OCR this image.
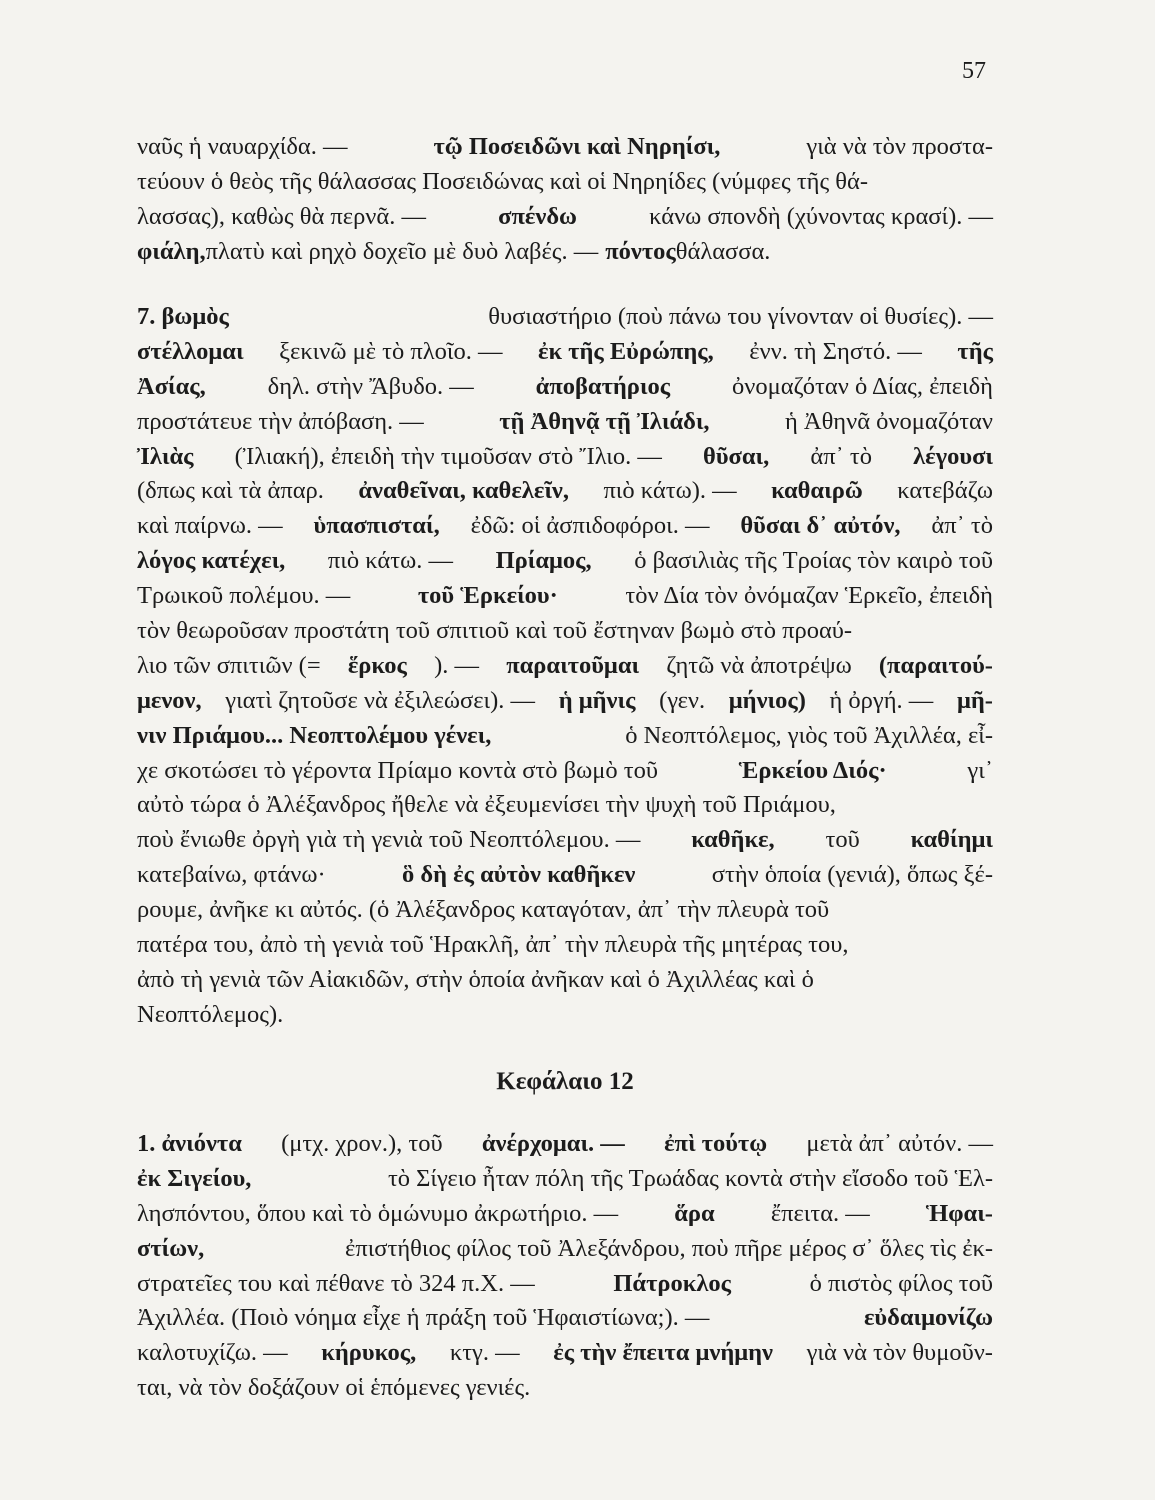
57
ναῦς ἡ ναυαρχίδα. —	τῷ Ποσειδῶνι καὶ Νηρηίσι,	γιὰ νὰ τὸν προστα-
τεύουν ὁ θεὸς τῆς θάλασσας Ποσειδώνας καὶ οἱ Νηρηίδες (νύμφες τῆς θά-
λασσας), καθὼς θὰ περνᾶ. —	σπένδω	κάνω σπονδὴ (χύνοντας κρασί). —
φιάλη,πλατὺ καὶ ρηχὸ δοχεῖο μὲ δυὸ λαβές. — πόντοςθάλασσα.
7. βωμὸς	θυσιαστήριο (ποὺ πάνω του γίνονταν οἱ θυσίες). —
στέλλομαι ξεκινῶ μὲ τὸ πλοῖο. — ἐκ τῆς Εὐρώπης, ἐνν. τὴ Σηστό. — τῆς
Ἀσίας,	δηλ. στὴν Ἄβυδο. —	ἀποβατήριος	ὀνομαζόταν ὁ Δίας, ἐπειδὴ
προστάτευε τὴν ἀπόβαση. —	τῇ Ἀθηνᾷ τῇ Ἰλιάδι,	ἡ Ἀθηνᾶ ὀνομαζόταν
Ἰλιὰς (Ἰλιακή), ἐπειδὴ τὴν τιμοῦσαν στὸ Ἴλιο. — θῦσαι, ἀπ᾽ τὸ λέγουσι
(δπως καὶ τὰ ἀπαρ. ἀναθεῖναι, καθελεῖν, πιὸ κάτω). — καθαιρῶ κατεβάζω
καὶ παίρνω. — ὑπασπισταί, ἐδῶ: οἱ ἀσπιδοφόροι. — θῦσαι δ᾽ αὐτόν, ἀπ᾽ τὸ
λόγος κατέχει, πιὸ κάτω. — Πρίαμος, ὁ βασιλιὰς τῆς Τροίας τὸν καιρὸ τοῦ
Τρωικοῦ πολέμου. —	τοῦ Ἑρκείου·	τὸν Δία τὸν ὀνόμαζαν Ἑρκεῖο, ἐπειδὴ
τὸν θεωροῦσαν προστάτη τοῦ σπιτιοῦ καὶ τοῦ ἔστηναν βωμὸ στὸ προαύ-
λιο τῶν σπιτιῶν (= ἕρκος ). — παραιτοῦμαι ζητῶ νὰ ἀποτρέψω (παραιτού-
μενον, γιατὶ ζητοῦσε νὰ ἐξιλεώσει). — ἡ μῆνις (γεν. μήνιος) ἡ ὀργή. — μῆ-
νιν Πριάμου... Νεοπτολέμου γένει,	ὁ Νεοπτόλεμος, γιὸς τοῦ Ἀχιλλέα, εἶ-
χε σκοτώσει τὸ γέροντα Πρίαμο κοντὰ στὸ βωμὸ τοῦ	Ἑρκείου Διός·	γι᾽
αὐτὸ τώρα ὁ Ἀλέξανδρος ἤθελε νὰ ἐξευμενίσει τὴν ψυχὴ τοῦ Πριάμου,
ποὺ ἔνιωθε ὀργὴ γιὰ τὴ γενιὰ τοῦ Νεοπτόλεμου. — καθῆκε, τοῦ καθίημι
κατεβαίνω, φτάνω·	ὃ δὴ ἐς αὐτὸν καθῆκεν	στὴν ὁποία (γενιά), ὅπως ξέ-
ρουμε, ἀνῆκε κι αὐτός. (ὁ Ἀλέξανδρος καταγόταν, ἀπ᾽ τὴν πλευρὰ τοῦ
πατέρα του, ἀπὸ τὴ γενιὰ τοῦ Ἡρακλῆ, ἀπ᾽ τὴν πλευρὰ τῆς μητέρας του,
ἀπὸ τὴ γενιὰ τῶν Αἰακιδῶν, στὴν ὁποία ἀνῆκαν καὶ ὁ Ἀχιλλέας καὶ ὁ
Νεοπτόλεμος).
Κεφάλαιο 12
1. ἀνιόντα (μτχ. χρον.), τοῦ ἀνέρχομαι. — ἐπὶ τούτῳ μετὰ ἀπ᾽ αὐτόν. —
ἐκ Σιγείου,	τὸ Σίγειο ἦταν πόλη τῆς Τρωάδας κοντὰ στὴν εἴσοδο τοῦ Ἑλ-
λησπόντου, ὅπου καὶ τὸ ὁμώνυμο ἀκρωτήριο. — ἅρα ἔπειτα. — Ἡφαι-
στίων,	ἐπιστήθιος φίλος τοῦ Ἀλεξάνδρου, ποὺ πῆρε μέρος σ᾽ ὅλες τὶς ἐκ-
στρατεῖες του καὶ πέθανε τὸ 324 π.Χ. —	Πάτροκλος	ὁ πιστὸς φίλος τοῦ
Ἀχιλλέα. (Ποιὸ νόημα εἶχε ἡ πράξη τοῦ Ἡφαιστίωνα;). —	εὐδαιμονίζω
καλοτυχίζω. — κήρυκος, κτγ. — ἐς τὴν ἔπειτα μνήμην γιὰ νὰ τὸν θυμοῦν-
ται, νὰ τὸν δοξάζουν οἱ ἑπόμενες γενιές.
